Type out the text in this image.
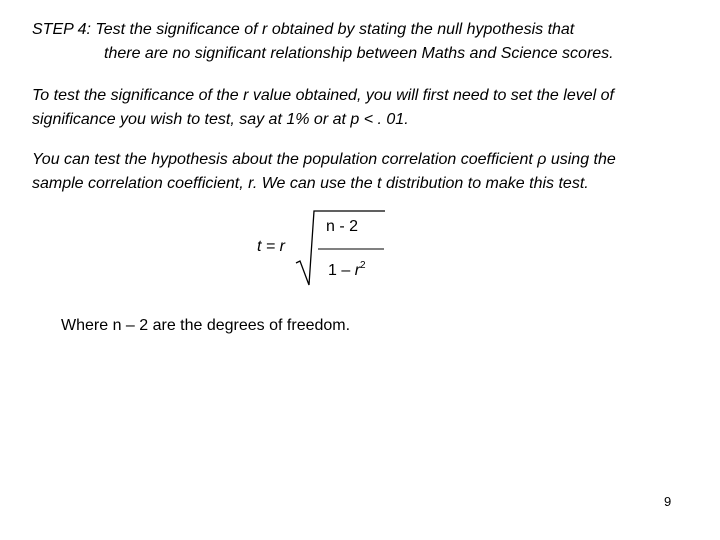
STEP 4: Test the significance of r obtained by stating the null hypothesis that
there are no significant relationship between Maths and Science scores.
To test the significance of the r value obtained, you will first need to set the level of
significance you wish to test, say at 1% or at p < . 01.
You can test the hypothesis about the population correlation coefficient ρ using the
sample correlation coefficient, r. We can use the t distribution to make this test.
t = r
n - 2
$1 - r^2$
Where n – 2 are the degrees of freedom.
9
